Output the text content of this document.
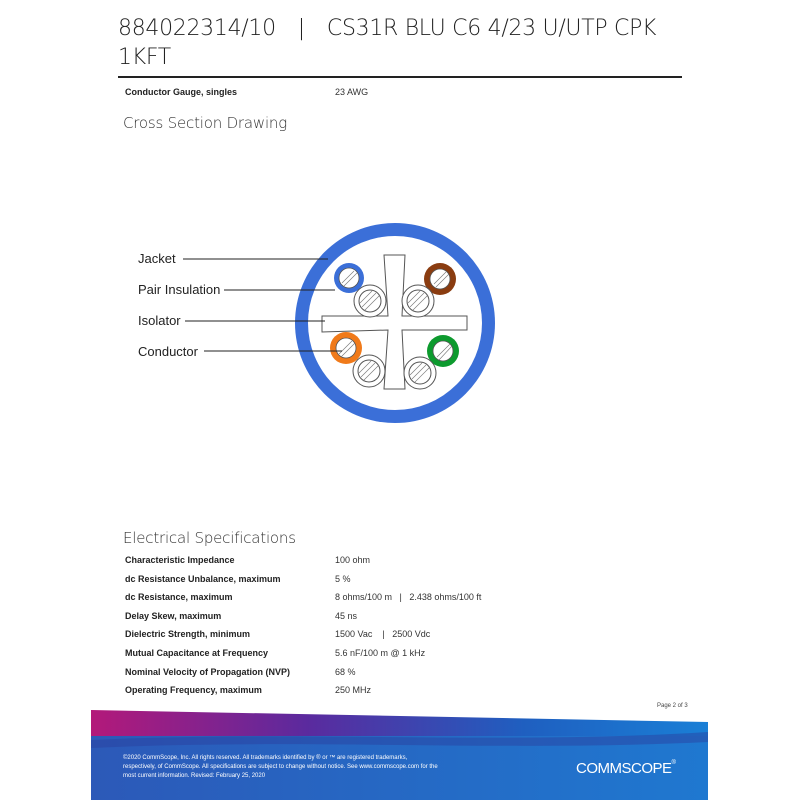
884022314/10 | CS31R BLU C6 4/23 U/UTP CPK
1KFT
Conductor Gauge, singles	23 AWG
Cross Section Drawing
Jacket
Pair Insulation
Isolator
Conductor
Electrical Specifications
Characteristic Impedance	100 ohm
dc Resistance Unbalance, maximum	5 %
dc Resistance, maximum	8 ohms/100 m   |   2.438 ohms/100 ft
Delay Skew, maximum	45 ns
Dielectric Strength, minimum	1500 Vac    |   2500 Vdc
Mutual Capacitance at Frequency	5.6 nF/100 m @ 1 kHz
Nominal Velocity of Propagation (NVP)	68 %
Operating Frequency, maximum	250 MHz
Page 2 of 3
©2020 CommScope, Inc. All rights reserved. All trademarks identified by ® or ™ are registered trademarks,
respectively, of CommScope. All specifications are subject to change without notice. See www.commscope.com for the
most current information. Revised: February 25, 2020	COMMSCOPE®
